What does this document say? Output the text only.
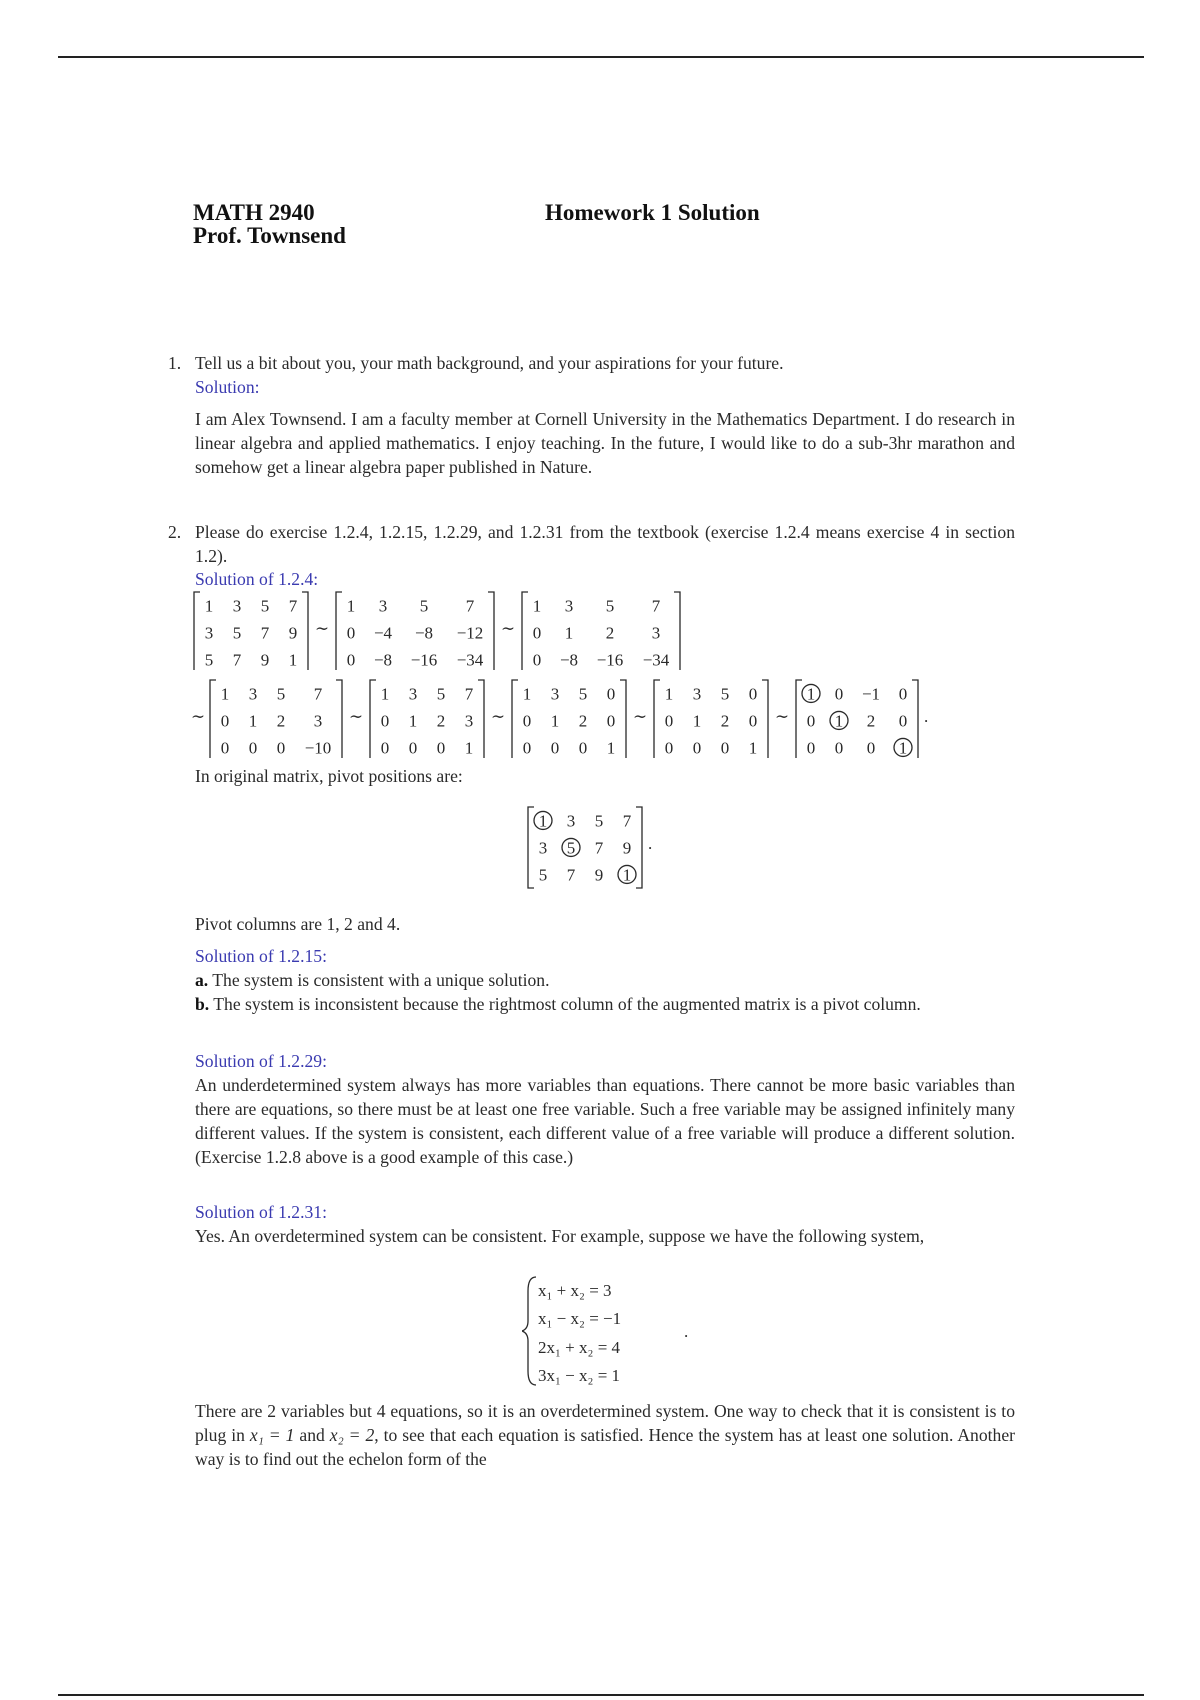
MATH 2940
Prof. Townsend
Homework 1 Solution
1. Tell us a bit about you, your math background, and your aspirations for your future.
Solution:
I am Alex Townsend. I am a faculty member at Cornell University in the Mathematics Department. I do research in linear algebra and applied mathematics. I enjoy teaching. In the future, I would like to do a sub-3hr marathon and somehow get a linear algebra paper published in Nature.
2. Please do exercise 1.2.4, 1.2.15, 1.2.29, and 1.2.31 from the textbook (exercise 1.2.4 means exercise 4 in section 1.2).
Solution of 1.2.4:
1
3
5
3
5
7
5
7
9
7
9
1
∼
1
0
0
3
−4
−8
5
−8
−16
7
−12
−34
∼
1
0
0
3
1
−8
5
2
−16
7
3
−34
∼
1
0
0
3
1
0
5
2
0
7
3
−10
∼
1
0
0
3
1
0
5
2
0
7
3
1
∼
1
0
0
3
1
0
5
2
0
0
0
1
∼
1
0
0
3
1
0
5
2
0
0
0
1
∼
1
0
0
0
1
0
−1
2
0
0
0
1
.
In original matrix, pivot positions are:
1
3
5
3
5
7
5
7
9
7
9
1
.
Pivot columns are 1, 2 and 4.
Solution of 1.2.15:
a. The system is consistent with a unique solution.
b. The system is inconsistent because the rightmost column of the augmented matrix is a pivot column.
Solution of 1.2.29:
An underdetermined system always has more variables than equations. There cannot be more basic variables than there are equations, so there must be at least one free variable. Such a free variable may be assigned infinitely many different values. If the system is consistent, each different value of a free variable will produce a different solution. (Exercise 1.2.8 above is a good example of this case.)
Solution of 1.2.31:
Yes. An overdetermined system can be consistent. For example, suppose we have the following system,
x₁ + x₂ = 3
x₁ − x₂ = −1
2x₁ + x₂ = 4
3x₁ − x₂ = 1
.
There are 2 variables but 4 equations, so it is an overdetermined system. One way to check that it is consistent is to plug in x₁ = 1 and x₂ = 2, to see that each equation is satisfied. Hence the system has at least one solution. Another way is to find out the echelon form of the
